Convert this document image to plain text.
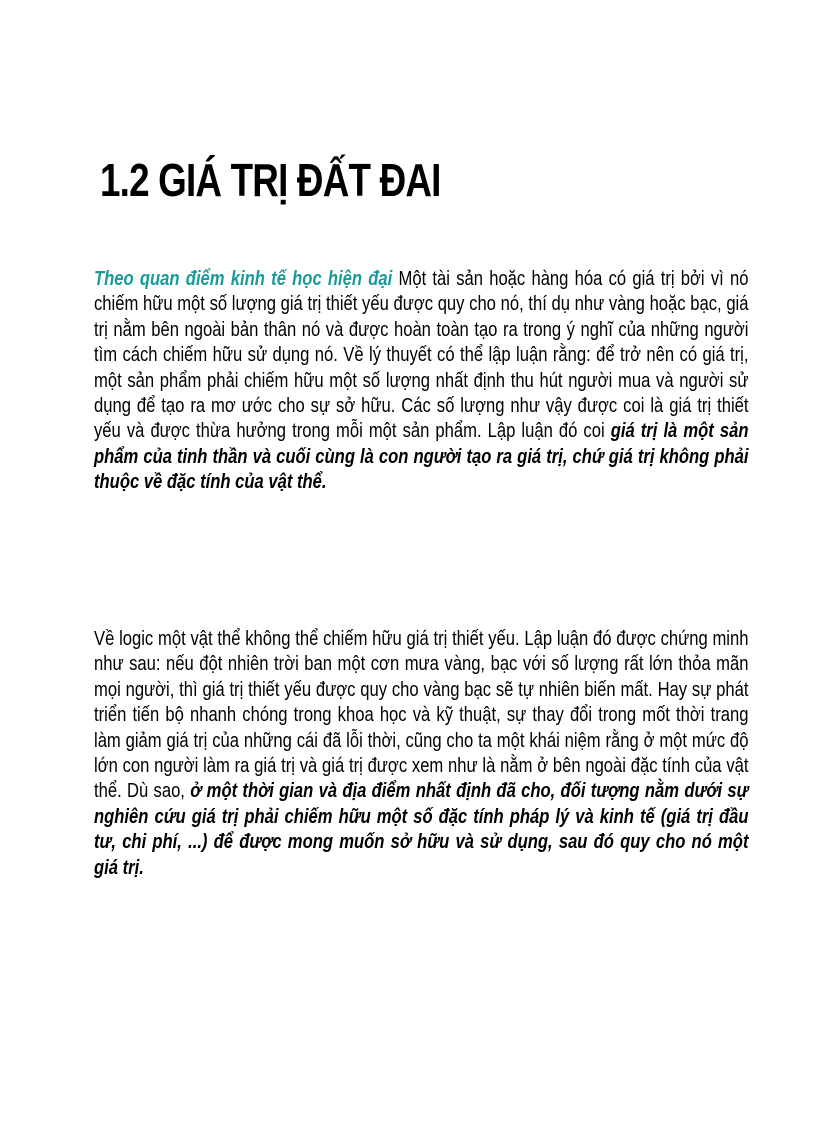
1.2 GIÁ TRỊ ĐẤT ĐAI

Theo quan điểm kinh tế học hiện đại Một tài sản hoặc hàng hóa có giá trị bởi vì nó chiếm hữu một số lượng giá trị thiết yếu được quy cho nó, thí dụ như vàng hoặc bạc, giá trị nằm bên ngoài bản thân nó và được hoàn toàn tạo ra trong ý nghĩ của những người tìm cách chiếm hữu sử dụng nó. Về lý thuyết có thể lập luận rằng: để trở nên có giá trị, một sản phẩm phải chiếm hữu một số lượng nhất định thu hút người mua và người sử dụng để tạo ra mơ ước cho sự sở hữu. Các số lượng như vậy được coi là giá trị thiết yếu và được thừa hưởng trong mỗi một sản phẩm. Lập luận đó coi giá trị là một sản phẩm của tinh thần và cuối cùng là con người tạo ra giá trị, chứ giá trị không phải thuộc về đặc tính của vật thể.

Về logic một vật thể không thể chiếm hữu giá trị thiết yếu. Lập luận đó được chứng minh như sau: nếu đột nhiên trời ban một cơn mưa vàng, bạc với số lượng rất lớn thỏa mãn mọi người, thì giá trị thiết yếu được quy cho vàng bạc sẽ tự nhiên biến mất. Hay sự phát triển tiến bộ nhanh chóng trong khoa học và kỹ thuật, sự thay đổi trong mốt thời trang làm giảm giá trị của những cái đã lỗi thời, cũng cho ta một khái niệm rằng ở một mức độ lớn con người làm ra giá trị và giá trị được xem như là nằm ở bên ngoài đặc tính của vật thể. Dù sao, ở một thời gian và địa điểm nhất định đã cho, đối tượng nằm dưới sự nghiên cứu giá trị phải chiếm hữu một số đặc tính pháp lý và kinh tế (giá trị đầu tư, chi phí, ...) để được mong muốn sở hữu và sử dụng, sau đó quy cho nó một giá trị.
